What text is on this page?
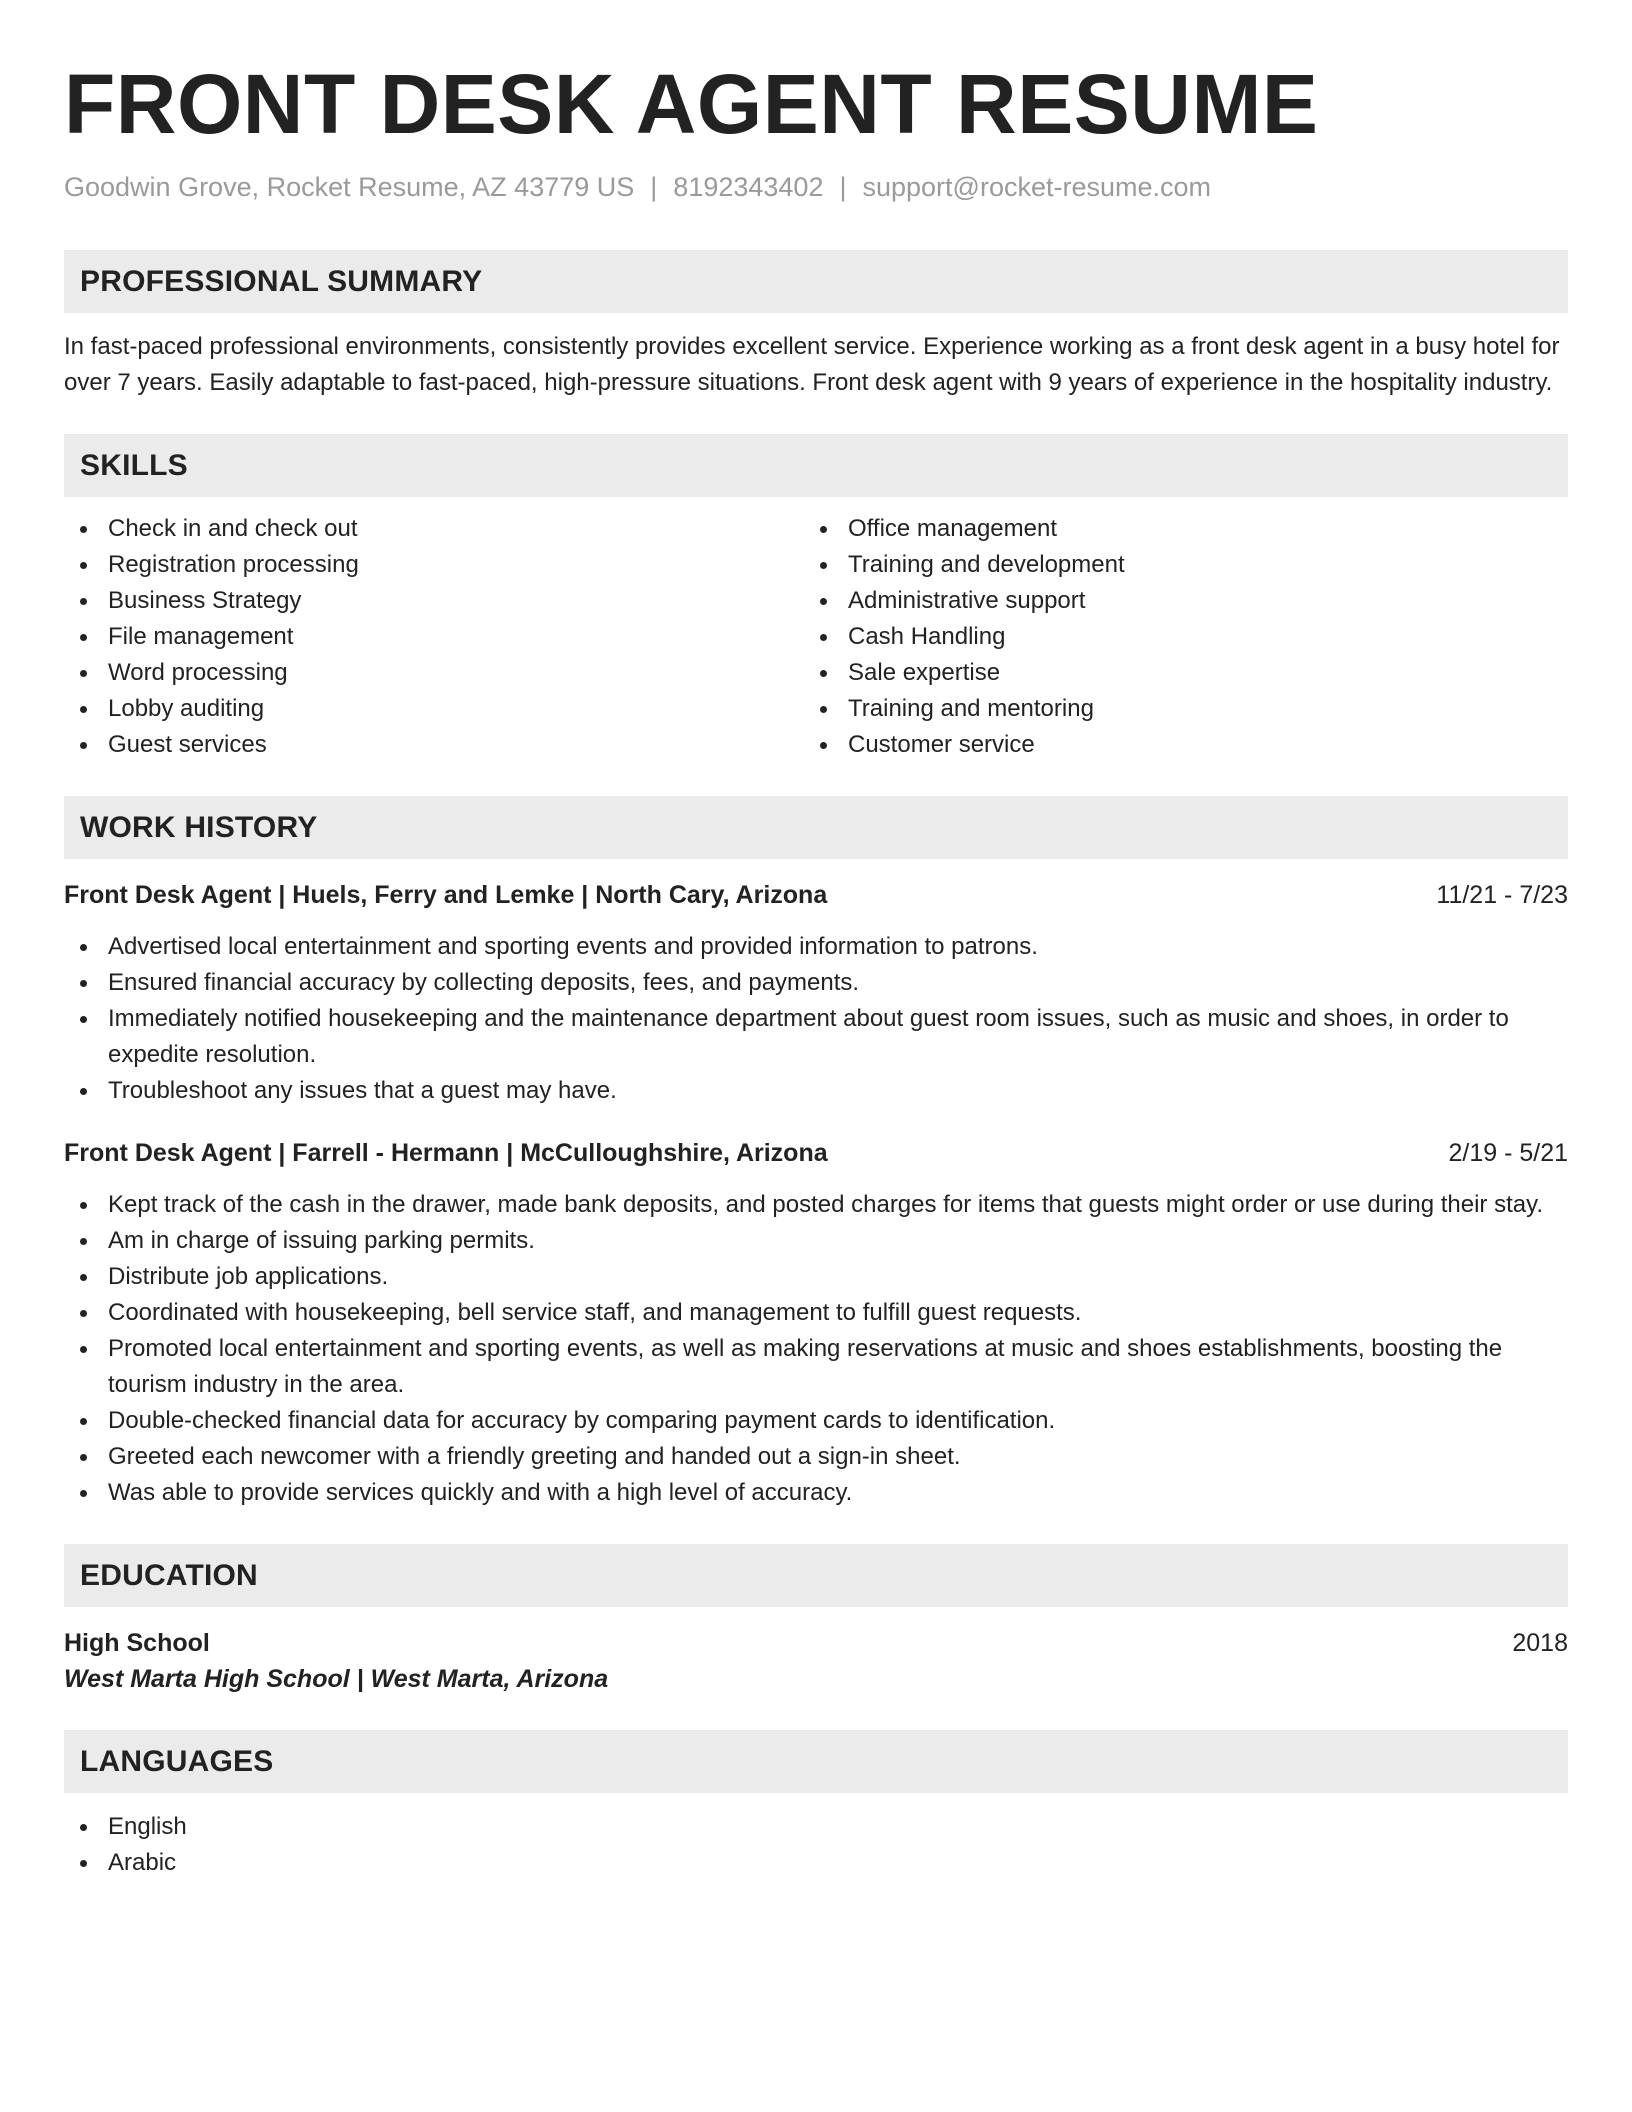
FRONT DESK AGENT RESUME
Goodwin Grove, Rocket Resume, AZ 43779 US | 8192343402 | support@rocket-resume.com
PROFESSIONAL SUMMARY
In fast-paced professional environments, consistently provides excellent service. Experience working as a front desk agent in a busy hotel for over 7 years. Easily adaptable to fast-paced, high-pressure situations. Front desk agent with 9 years of experience in the hospitality industry.
SKILLS
Check in and check out
Registration processing
Business Strategy
File management
Word processing
Lobby auditing
Guest services
Office management
Training and development
Administrative support
Cash Handling
Sale expertise
Training and mentoring
Customer service
WORK HISTORY
Front Desk Agent | Huels, Ferry and Lemke | North Cary, Arizona	11/21 - 7/23
Advertised local entertainment and sporting events and provided information to patrons.
Ensured financial accuracy by collecting deposits, fees, and payments.
Immediately notified housekeeping and the maintenance department about guest room issues, such as music and shoes, in order to expedite resolution.
Troubleshoot any issues that a guest may have.
Front Desk Agent | Farrell - Hermann | McCulloughshire, Arizona	2/19 - 5/21
Kept track of the cash in the drawer, made bank deposits, and posted charges for items that guests might order or use during their stay.
Am in charge of issuing parking permits.
Distribute job applications.
Coordinated with housekeeping, bell service staff, and management to fulfill guest requests.
Promoted local entertainment and sporting events, as well as making reservations at music and shoes establishments, boosting the tourism industry in the area.
Double-checked financial data for accuracy by comparing payment cards to identification.
Greeted each newcomer with a friendly greeting and handed out a sign-in sheet.
Was able to provide services quickly and with a high level of accuracy.
EDUCATION
High School	2018
West Marta High School | West Marta, Arizona
LANGUAGES
English
Arabic
